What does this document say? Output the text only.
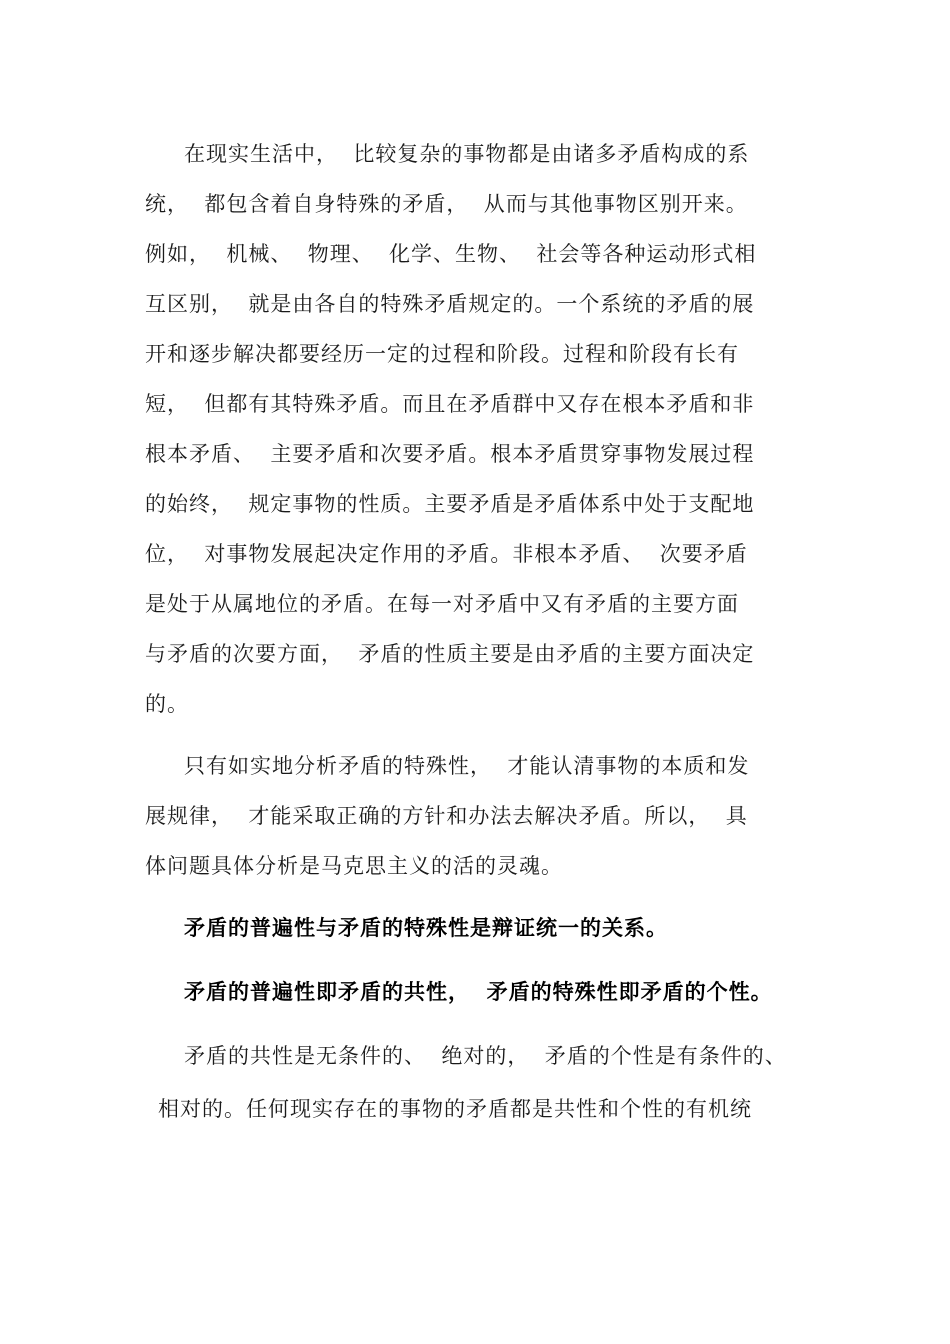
在现实生活中，  比较复杂的事物都是由诸多矛盾构成的系
统，  都包含着自身特殊的矛盾，  从而与其他事物区别开来。
例如，  机械、  物理、  化学、生物、  社会等各种运动形式相
互区别，  就是由各自的特殊矛盾规定的。一个系统的矛盾的展
开和逐步解决都要经历一定的过程和阶段。过程和阶段有长有
短，  但都有其特殊矛盾。而且在矛盾群中又存在根本矛盾和非
根本矛盾、  主要矛盾和次要矛盾。根本矛盾贯穿事物发展过程
的始终，  规定事物的性质。主要矛盾是矛盾体系中处于支配地
位，  对事物发展起决定作用的矛盾。非根本矛盾、  次要矛盾
是处于从属地位的矛盾。在每一对矛盾中又有矛盾的主要方面
与矛盾的次要方面，  矛盾的性质主要是由矛盾的主要方面决定
的。
只有如实地分析矛盾的特殊性，  才能认清事物的本质和发
展规律，  才能采取正确的方针和办法去解决矛盾。所以，  具
体问题具体分析是马克思主义的活的灵魂。
矛盾的普遍性与矛盾的特殊性是辩证统一的关系。
矛盾的普遍性即矛盾的共性，  矛盾的特殊性即矛盾的个性。
矛盾的共性是无条件的、  绝对的，  矛盾的个性是有条件的、
相对的。任何现实存在的事物的矛盾都是共性和个性的有机统
